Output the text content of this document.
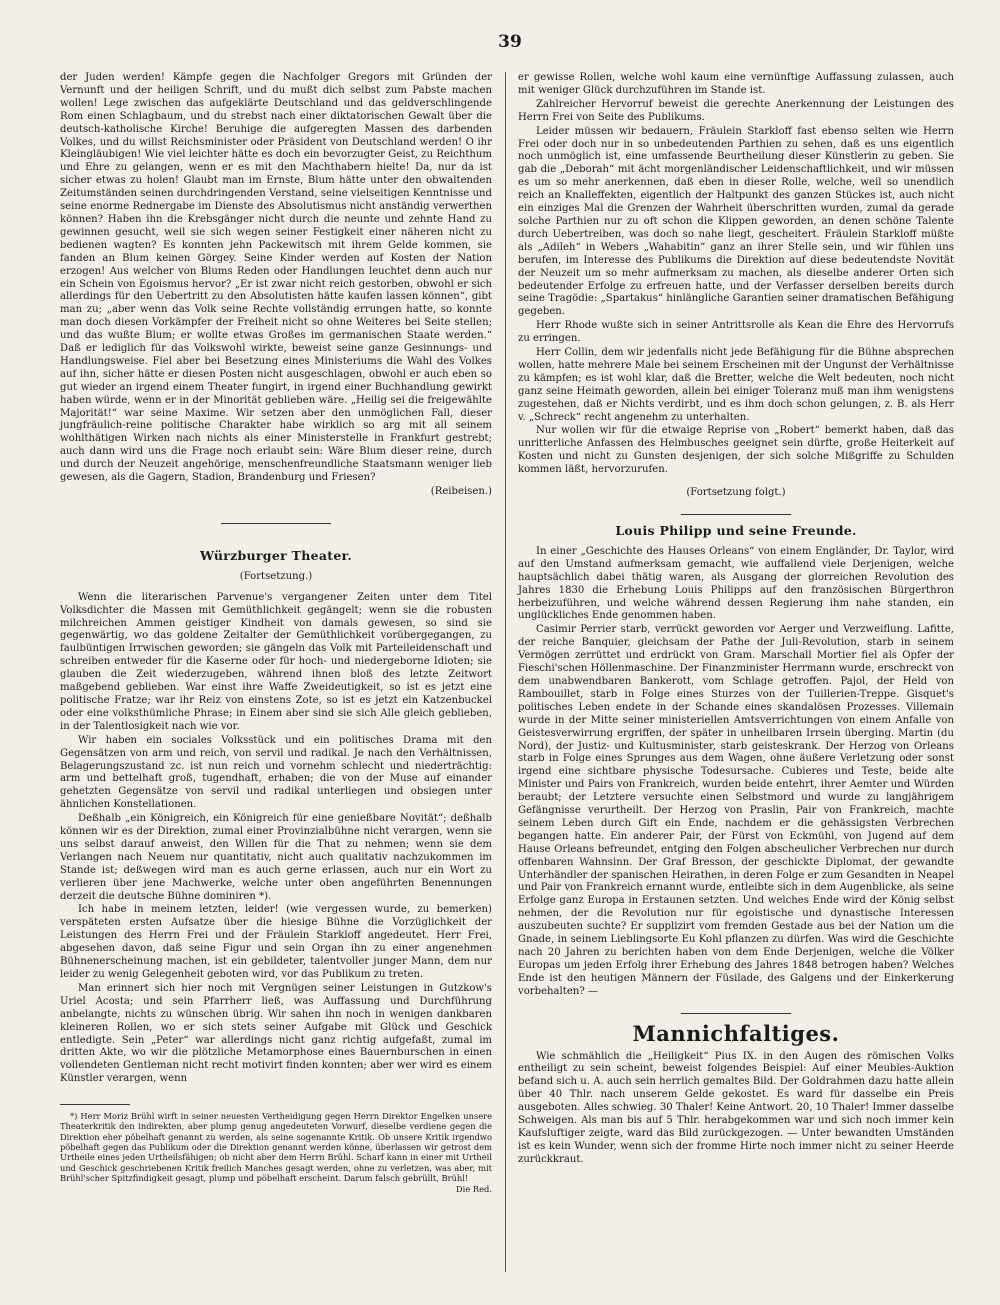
39

der Juden werden! Kämpfe gegen die Nachfolger Gregors mit Gründen der Vernunft und der heiligen Schrift, und du mußt dich selbst zum Pabste machen wollen! Lege zwischen das aufgeklärte Deutschland und das geldverschlingende Rom einen Schlagbaum, und du strebst nach einer diktatorischen Gewalt über die deutsch-katholische Kirche! Beruhige die aufgeregten Massen des darbenden Volkes, und du willst Reichsminister oder Präsident von Deutschland werden! O ihr Kleingläubigen! Wie viel leichter hätte es doch ein bevorzugter Geist, zu Reichthum und Ehre zu gelangen, wenn er es mit den Machthabern hielte! Da, nur da ist sicher etwas zu holen! Glaubt man im Ernste, Blum hätte unter den obwaltenden Zeitumständen seinen durchdringenden Verstand, seine vielseitigen Kenntnisse und seine enorme Rednergabe im Dienste des Absolutismus nicht anständig verwerthen können? Haben ihn die Krebsgänger nicht durch die neunte und zehnte Hand zu gewinnen gesucht, weil sie sich wegen seiner Festigkeit einer näheren nicht zu bedienen wagten? Es konnten jehn Packewitsch mit ihrem Gelde kommen, sie fanden an Blum keinen Görgey. Seine Kinder werden auf Kosten der Nation erzogen! Aus welcher von Blums Reden oder Handlungen leuchtet denn auch nur ein Schein von Egoismus hervor? „Er ist zwar nicht reich gestorben, obwohl er sich allerdings für den Uebertritt zu den Absolutisten hätte kaufen lassen können“, gibt man zu; „aber wenn das Volk seine Rechte vollständig errungen hatte, so konnte man doch diesen Vorkämpfer der Freiheit nicht so ohne Weiteres bei Seite stellen; und das wußte Blum; er wollte etwas Großes im germanischen Staate werden.“ Daß er lediglich für das Volkswohl wirkte, beweist seine ganze Gesinnungs- und Handlungsweise. Fiel aber bei Besetzung eines Ministeriums die Wahl des Volkes auf ihn, sicher hätte er diesen Posten nicht ausgeschlagen, obwohl er auch eben so gut wieder an irgend einem Theater fungirt, in irgend einer Buchhandlung gewirkt haben würde, wenn er in der Minorität geblieben wäre. „Heilig sei die freigewählte Majorität!“ war seine Maxime. Wir setzen aber den unmöglichen Fall, dieser jungfräulich-reine politische Charakter habe wirklich so arg mit all seinem wohlthätigen Wirken nach nichts als einer Ministerstelle in Frankfurt gestrebt; auch dann wird uns die Frage noch erlaubt sein: Wäre Blum dieser reine, durch und durch der Neuzeit angehörige, menschenfreundliche Staatsmann weniger lieb gewesen, als die Gagern, Stadion, Brandenburg und Friesen?

(Reibeisen.)
Würzburger Theater.
(Fortsetzung.)

Wenn die literarischen Parvenue's vergangener Zeiten unter dem Titel Volksdichter die Massen mit Gemüthlichkeit gegängelt; wenn sie die robusten milchreichen Ammen geistiger Kindheit von damals gewesen, so sind sie gegenwärtig, wo das goldene Zeitalter der Gemüthlichkeit vorübergegangen, zu faulbüntigen Irrwischen geworden; sie gängeln das Volk mit Parteileidenschaft und schreiben entweder für die Kaserne oder für hoch- und niedergeborne Idioten; sie glauben die Zeit wiederzugeben, während ihnen bloß des letzte Zeitwort maßgebend geblieben. War einst ihre Waffe Zweideutigkeit, so ist es jetzt eine politische Fratze; war ihr Reiz von einstens Zote, so ist es jetzt ein Katzenbuckel oder eine volksthümliche Phrase; in Einem aber sind sie sich Alle gleich geblieben, in der Talentlosigkeit nach wie vor.

Wir haben ein sociales Volksstück und ein politisches Drama mit den Gegensätzen von arm und reich, von servil und radikal. Je nach den Verhältnissen, Belagerungszustand zc. ist nun reich und vornehm schlecht und niederträchtig: arm und bettelhaft groß, tugendhaft, erhaben; die von der Muse auf einander gehetzten Gegensätze von servil und radikal unterliegen und obsiegen unter ähnlichen Konstellationen.

Deßhalb „ein Königreich, ein Königreich für eine genießbare Novität“; deßhalb können wir es der Direktion, zumal einer Provinzialbühne nicht verargen, wenn sie uns selbst darauf anweist, den Willen für die That zu nehmen; wenn sie dem Verlangen nach Neuem nur quantitativ, nicht auch qualitativ nachzukommen im Stande ist; deßwegen wird man es auch gerne erlassen, auch nur ein Wort zu verlieren über jene Machwerke, welche unter oben angeführten Benennungen derzeit die deutsche Bühne dominiren *).

Ich habe in meinem letzten, leider! (wie vergessen wurde, zu bemerken) verspäteten ersten Aufsatze über die hiesige Bühne die Vorzüglichkeit der Leistungen des Herrn Frei und der Fräulein Starkloff angedeutet. Herr Frei, abgesehen davon, daß seine Figur und sein Organ ihn zu einer angenehmen Bühnenerscheinung machen, ist ein gebildeter, talentvoller junger Mann, dem nur leider zu wenig Gelegenheit geboten wird, vor das Publikum zu treten.

Man erinnert sich hier noch mit Vergnügen seiner Leistungen in Gutzkow's Uriel Acosta; und sein Pfarrherr ließ, was Auffassung und Durchführung anbelangte, nichts zu wünschen übrig. Wir sahen ihn noch in wenigen dankbaren kleineren Rollen, wo er sich stets seiner Aufgabe mit Glück und Geschick entledigte. Sein „Peter“ war allerdings nicht ganz richtig aufgefaßt, zumal im dritten Akte, wo wir die plötzliche Metamorphose eines Bauernburschen in einen vollendeten Gentleman nicht recht motivirt finden konnten; aber wer wird es einem Künstler verargen, wenn

*) Herr Moriz Brühl wirft in seiner neuesten Vertheidigung gegen Herrn Direktor Engelken unsere Theaterkritik den indirekten, aber plump genug angedeuteten Vorwurf, dieselbe verdiene gegen die Direktion eher pöbelhaft genannt zu werden, als seine sogenannte Kritik. Ob unsere Kritik irgendwo pöbelhaft gegen das Publikum oder die Direktion genannt werden könne, überlassen wir getrost dem Urtheile eines jeden Urtheilsfähigen; ob nicht aber dem Herrn Brühl. Scharf kann in einer mit Urtheil und Geschick geschriebenen Kritik freilich Manches gesagt werden, ohne zu verletzen, was aber, mit Brühl'scher Spitzfindigkeit gesagt, plump und pöbelhaft erscheint. Darum falsch gebrüllt, Brühl!
Die Red.

er gewisse Rollen, welche wohl kaum eine vernünftige Auffassung zulassen, auch mit weniger Glück durchzuführen im Stande ist.

Zahlreicher Hervorruf beweist die gerechte Anerkennung der Leistungen des Herrn Frei von Seite des Publikums.

Leider müssen wir bedauern, Fräulein Starkloff fast ebenso selten wie Herrn Frei oder doch nur in so unbedeutenden Parthien zu sehen, daß es uns eigentlich noch unmöglich ist, eine umfassende Beurtheilung dieser Künstlerin zu geben. Sie gab die „Deborah“ mit ächt morgenländischer Leidenschaftlichkeit, und wir müssen es um so mehr anerkennen, daß eben in dieser Rolle, welche, weil so unendlich reich an Knalleffekten, eigentlich der Haltpunkt des ganzen Stückes ist, auch nicht ein einziges Mal die Grenzen der Wahrheit überschritten wurden, zumal da gerade solche Parthien nur zu oft schon die Klippen geworden, an denen schöne Talente durch Uebertreiben, was doch so nahe liegt, gescheitert. Fräulein Starkloff müßte als „Adileh“ in Webers „Wahabitin“ ganz an ihrer Stelle sein, und wir fühlen uns berufen, im Interesse des Publikums die Direktion auf diese bedeutendste Novität der Neuzeit um so mehr aufmerksam zu machen, als dieselbe anderer Orten sich bedeutender Erfolge zu erfreuen hatte, und der Verfasser derselben bereits durch seine Tragödie: „Spartakus“ hinlängliche Garantien seiner dramatischen Befähigung gegeben.

Herr Rhode wußte sich in seiner Antrittsrolle als Kean die Ehre des Hervorrufs zu erringen.

Herr Collin, dem wir jedenfalls nicht jede Befähigung für die Bühne absprechen wollen, hatte mehrere Male bei seinem Erscheinen mit der Ungunst der Verhältnisse zu kämpfen; es ist wohl klar, daß die Bretter, welche die Welt bedeuten, noch nicht ganz seine Heimath geworden, allein bei einiger Toleranz muß man ihm wenigstens zugestehen, daß er Nichts verdirbt, und es ihm doch schon gelungen, z. B. als Herr v. „Schreck“ recht angenehm zu unterhalten.

Nur wollen wir für die etwaige Reprise von „Robert“ bemerkt haben, daß das unritterliche Anfassen des Helmbusches geeignet sein dürfte, große Heiterkeit auf Kosten und nicht zu Gunsten desjenigen, der sich solche Mißgriffe zu Schulden kommen läßt, hervorzurufen.

(Fortsetzung folgt.)
Louis Philipp und seine Freunde.

In einer „Geschichte des Hauses Orleans“ von einem Engländer, Dr. Taylor, wird auf den Umstand aufmerksam gemacht, wie auffallend viele Derjenigen, welche hauptsächlich dabei thätig waren, als Ausgang der glorreichen Revolution des Jahres 1830 die Erhebung Louis Philipps auf den französischen Bürgerthron herbeizuführen, und welche während dessen Regierung ihm nahe standen, ein unglückliches Ende genommen haben.

Casimir Perrier starb, verrückt geworden vor Aerger und Verzweiflung. Lafitte, der reiche Banquier, gleichsam der Pathe der Juli-Revolution, starb in seinem Vermögen zerrüttet und erdrückt von Gram. Marschall Mortier fiel als Opfer der Fieschi'schen Höllenmaschine. Der Finanzminister Herrmann wurde, erschreckt von dem unabwendbaren Bankerott, vom Schlage getroffen. Pajol, der Held von Rambouillet, starb in Folge eines Sturzes von der Tuillerien-Treppe. Gisquet's politisches Leben endete in der Schande eines skandalösen Prozesses. Villemain wurde in der Mitte seiner ministeriellen Amtsverrichtungen von einem Anfalle von Geistesverwirrung ergriffen, der später in unheilbaren Irrsein überging. Martin (du Nord), der Justiz- und Kultusminister, starb geisteskrank. Der Herzog von Orleans starb in Folge eines Sprunges aus dem Wagen, ohne äußere Verletzung oder sonst irgend eine sichtbare physische Todesursache. Cubieres und Teste, beide alte Minister und Pairs von Frankreich, wurden beide entehrt, ihrer Aemter und Würden beraubt; der Letztere versuchte einen Selbstmord und wurde zu langjährigem Gefängnisse verurtheilt. Der Herzog von Praslin, Pair von Frankreich, machte seinem Leben durch Gift ein Ende, nachdem er die gehässigsten Verbrechen begangen hatte. Ein anderer Pair, der Fürst von Eckmühl, von Jugend auf dem Hause Orleans befreundet, entging den Folgen abscheulicher Verbrechen nur durch offenbaren Wahnsinn. Der Graf Bresson, der geschickte Diplomat, der gewandte Unterhändler der spanischen Heirathen, in deren Folge er zum Gesandten in Neapel und Pair von Frankreich ernannt wurde, entleibte sich in dem Augenblicke, als seine Erfolge ganz Europa in Erstaunen setzten. Und welches Ende wird der König selbst nehmen, der die Revolution nur für egoistische und dynastische Interessen auszubeuten suchte? Er supplizirt vom fremden Gestade aus bei der Nation um die Gnade, in seinem Lieblingsorte Eu Kohl pflanzen zu dürfen. Was wird die Geschichte nach 20 Jahren zu berichten haben von dem Ende Derjenigen, welche die Völker Europas um jeden Erfolg ihrer Erhebung des Jahres 1848 betrogen haben? Welches Ende ist den heutigen Männern der Füsilade, des Galgens und der Einkerkerung vorbehalten? —

Mannichfaltiges.

Wie schmählich die „Heiligkeit“ Pius IX. in den Augen des römischen Volks entheiligt zu sein scheint, beweist folgendes Beispiel: Auf einer Meubles-Auktion befand sich u. A. auch sein herrlich gemaltes Bild. Der Goldrahmen dazu hatte allein über 40 Thlr. nach unserem Gelde gekostet. Es ward für dasselbe ein Preis ausgeboten. Alles schwieg. 30 Thaler! Keine Antwort. 20, 10 Thaler! Immer dasselbe Schweigen. Als man bis auf 5 Thlr. herabgekommen war und sich noch immer kein Kaufsluftiger zeigte, ward das Bild zurückgezogen. — Unter bewandten Umständen ist es kein Wunder, wenn sich der fromme Hirte noch immer nicht zu seiner Heerde zurückkraut.
